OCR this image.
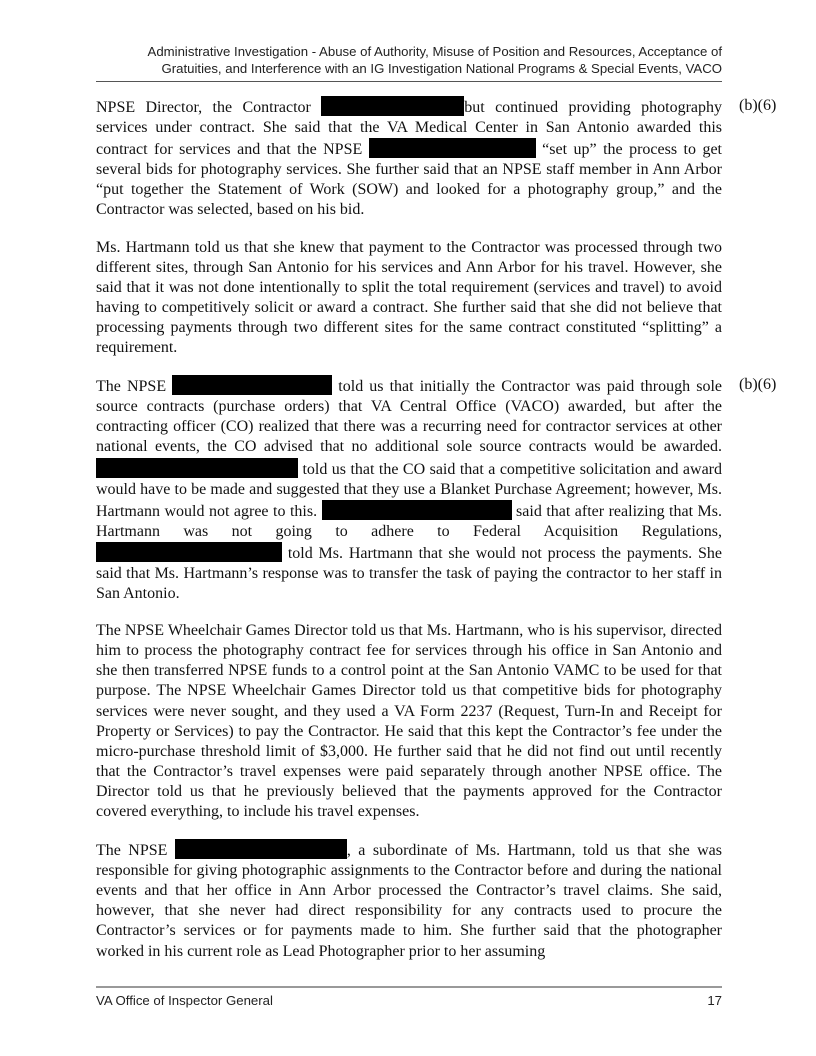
Administrative Investigation - Abuse of Authority, Misuse of Position and Resources, Acceptance of
Gratuities, and Interference with an IG Investigation National Programs & Special Events, VACO

NPSE Director, the Contractor	but continued providing photography services under contract. She said that the VA Medical Center in San Antonio awarded this contract for services and that the NPSE	“set up” the process to get several bids for photography services. She further said that an NPSE staff member in Ann Arbor “put together the Statement of Work (SOW) and looked for a photography group,” and the Contractor was selected, based on his bid.
(b)(6)

Ms. Hartmann told us that she knew that payment to the Contractor was processed through two different sites, through San Antonio for his services and Ann Arbor for his travel. However, she said that it was not done intentionally to split the total requirement (services and travel) to avoid having to competitively solicit or award a contract. She further said that she did not believe that processing payments through two different sites for the same contract constituted “splitting” a requirement.

The NPSE	told us that initially the Contractor was paid through sole source contracts (purchase orders) that VA Central Office (VACO) awarded, but after the contracting officer (CO) realized that there was a recurring need for contractor services at other national events, the CO advised that no additional sole source contracts would be awarded.  told us that the CO said that a competitive solicitation and award would have to be made and suggested that they use a Blanket Purchase Agreement; however, Ms. Hartmann would not agree to this.	said that after realizing that Ms. Hartmann was not going to adhere to Federal Acquisition Regulations,  told Ms. Hartmann that she would not process the payments. She said that Ms. Hartmann’s response was to transfer the task of paying the contractor to her staff in San Antonio.
(b)(6)

The NPSE Wheelchair Games Director told us that Ms. Hartmann, who is his supervisor, directed him to process the photography contract fee for services through his office in San Antonio and she then transferred NPSE funds to a control point at the San Antonio VAMC to be used for that purpose. The NPSE Wheelchair Games Director told us that competitive bids for photography services were never sought, and they used a VA Form 2237 (Request, Turn-In and Receipt for Property or Services) to pay the Contractor. He said that this kept the Contractor’s fee under the micro-purchase threshold limit of $3,000. He further said that he did not find out until recently that the Contractor’s travel expenses were paid separately through another NPSE office. The Director told us that he previously believed that the payments approved for the Contractor covered everything, to include his travel expenses.

The NPSE	, a subordinate of Ms. Hartmann, told us that she was responsible for giving photographic assignments to the Contractor before and during the national events and that her office in Ann Arbor processed the Contractor’s travel claims. She said, however, that she never had direct responsibility for any contracts used to procure the Contractor’s services or for payments made to him. She further said that the photographer worked in his current role as Lead Photographer prior to her assuming

VA Office of Inspector General	17
